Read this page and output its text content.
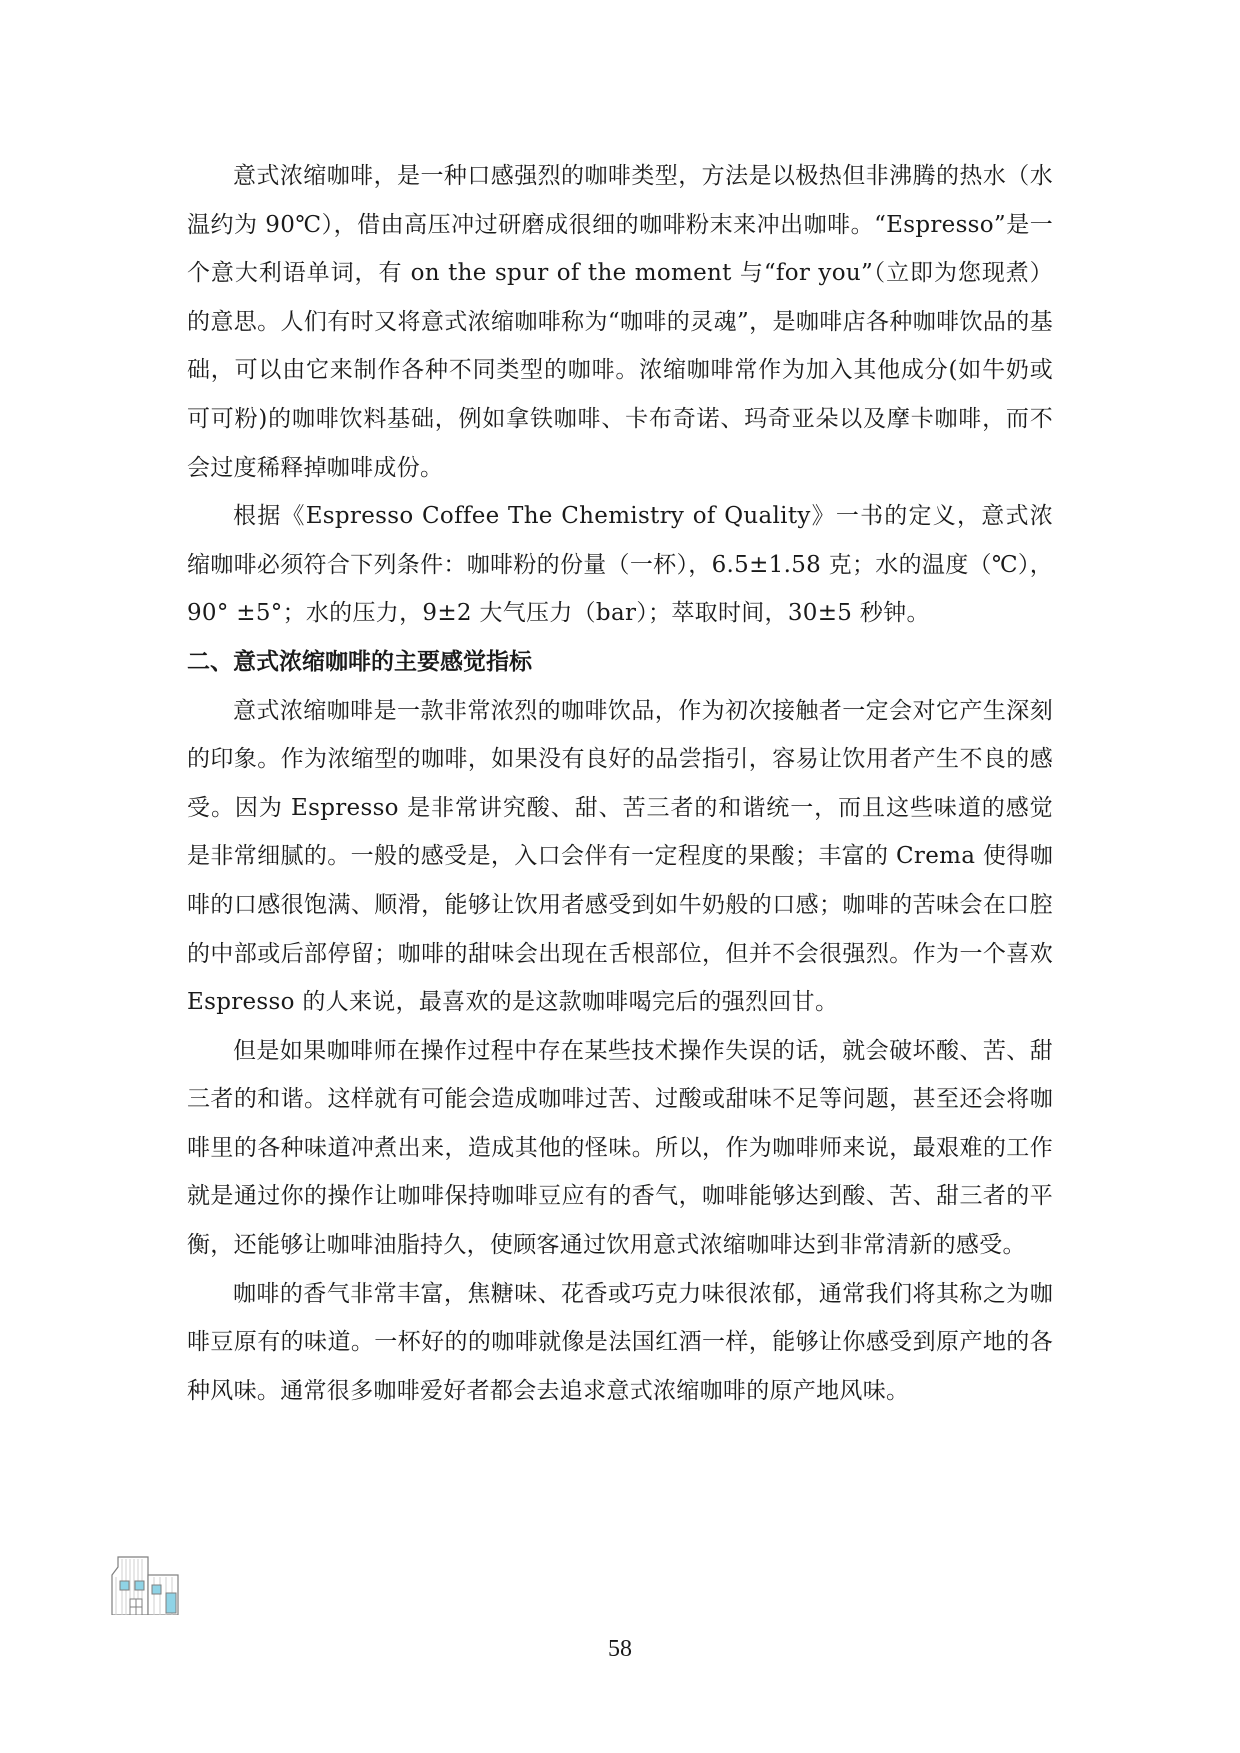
意式浓缩咖啡，是一种口感强烈的咖啡类型，方法是以极热但非沸腾的热水（水温约为 90℃），借由高压冲过研磨成很细的咖啡粉末来冲出咖啡。“Espresso”是一个意大利语单词，有 on the spur of the moment 与“for you”（立即为您现煮）的意思。人们有时又将意式浓缩咖啡称为“咖啡的灵魂”，是咖啡店各种咖啡饮品的基础，可以由它来制作各种不同类型的咖啡。浓缩咖啡常作为加入其他成分(如牛奶或可可粉)的咖啡饮料基础，例如拿铁咖啡、卡布奇诺、玛奇亚朵以及摩卡咖啡，而不会过度稀释掉咖啡成份。

根据《Espresso Coffee The Chemistry of Quality》一书的定义，意式浓缩咖啡必须符合下列条件：咖啡粉的份量（一杯），6.5±1.58 克；水的温度（℃），90° ±5°；水的压力，9±2 大气压力（bar）；萃取时间，30±5 秒钟。

二、意式浓缩咖啡的主要感觉指标

意式浓缩咖啡是一款非常浓烈的咖啡饮品，作为初次接触者一定会对它产生深刻的印象。作为浓缩型的咖啡，如果没有良好的品尝指引，容易让饮用者产生不良的感受。因为 Espresso 是非常讲究酸、甜、苦三者的和谐统一，而且这些味道的感觉是非常细腻的。一般的感受是，入口会伴有一定程度的果酸；丰富的 Crema 使得咖啡的口感很饱满、顺滑，能够让饮用者感受到如牛奶般的口感；咖啡的苦味会在口腔的中部或后部停留；咖啡的甜味会出现在舌根部位，但并不会很强烈。作为一个喜欢 Espresso 的人来说，最喜欢的是这款咖啡喝完后的强烈回甘。

但是如果咖啡师在操作过程中存在某些技术操作失误的话，就会破坏酸、苦、甜三者的和谐。这样就有可能会造成咖啡过苦、过酸或甜味不足等问题，甚至还会将咖啡里的各种味道冲煮出来，造成其他的怪味。所以，作为咖啡师来说，最艰难的工作就是通过你的操作让咖啡保持咖啡豆应有的香气，咖啡能够达到酸、苦、甜三者的平衡，还能够让咖啡油脂持久，使顾客通过饮用意式浓缩咖啡达到非常清新的感受。

咖啡的香气非常丰富，焦糖味、花香或巧克力味很浓郁，通常我们将其称之为咖啡豆原有的味道。一杯好的的咖啡就像是法国红酒一样，能够让你感受到原产地的各种风味。通常很多咖啡爱好者都会去追求意式浓缩咖啡的原产地风味。

58
